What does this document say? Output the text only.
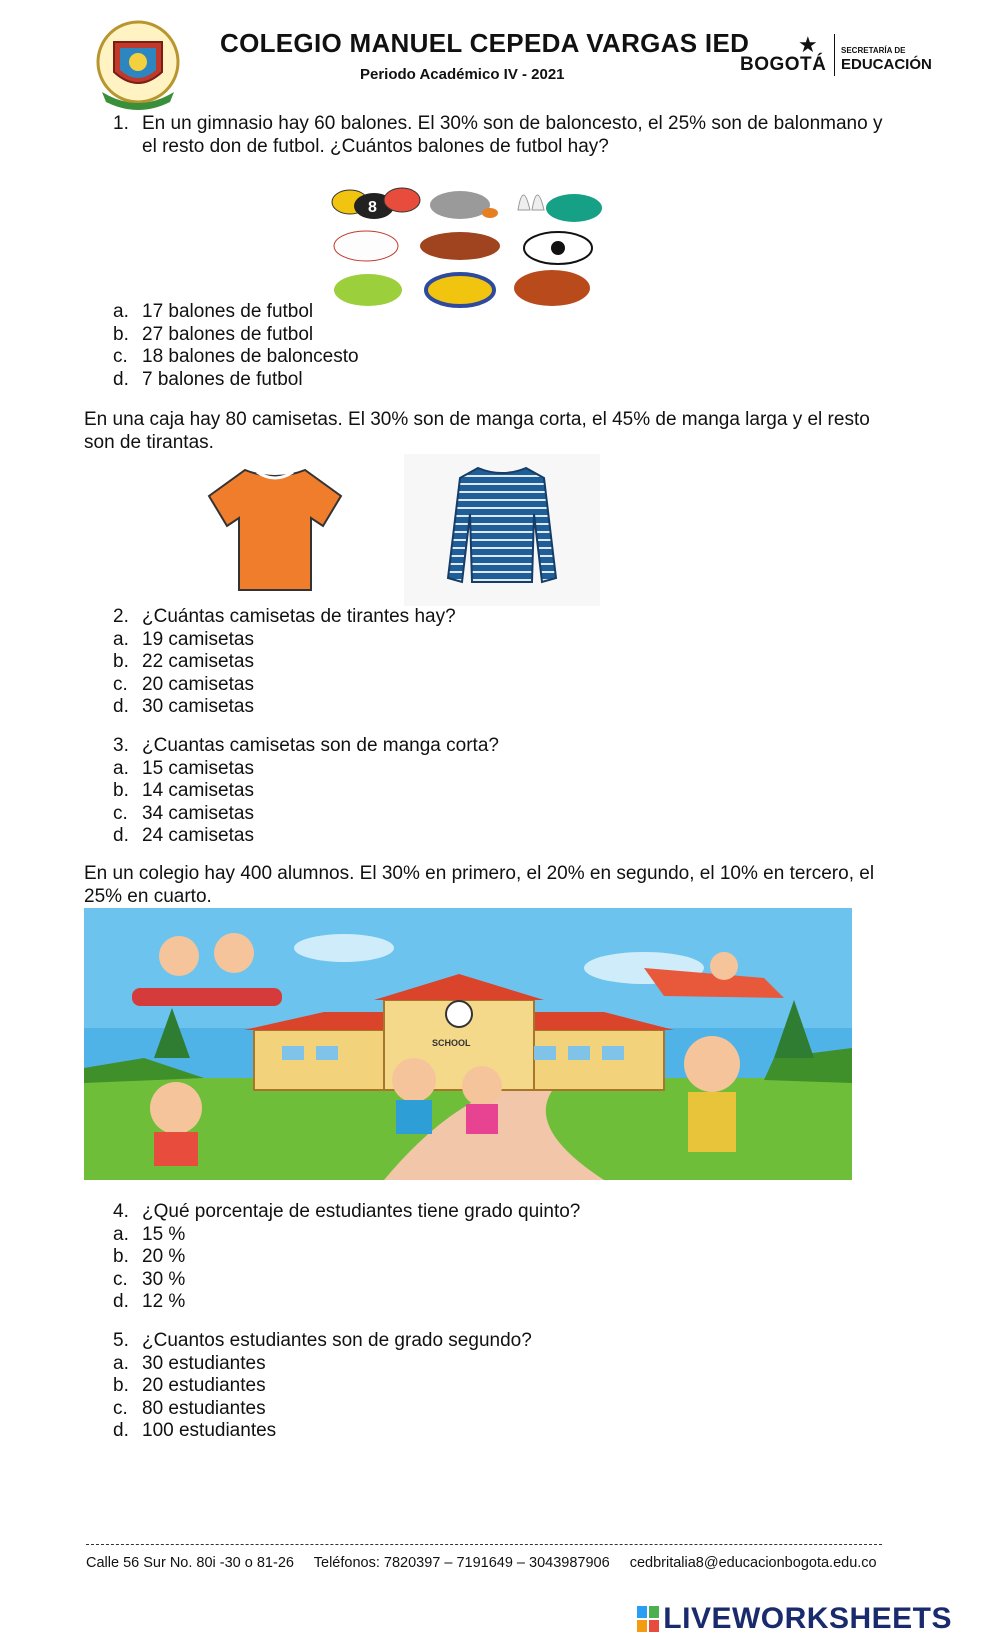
COLEGIO MANUEL CEPEDA VARGAS IED
Periodo Académico IV - 2021	BOGOTÁ
★	SECRETARÍA DE
EDUCACIÓN
1. En un gimnasio hay 60 balones. El 30% son de baloncesto, el 25% son de balonmano y
el resto don de futbol. ¿Cuántos balones de futbol hay?
8
a. 17 balones de futbol
b. 27 balones de futbol
c. 18 balones de baloncesto
d. 7 balones de futbol
En una caja hay 80 camisetas. El 30% son de manga corta, el 45% de manga larga y el resto
son de tirantas.
2. ¿Cuántas camisetas de tirantes hay?
a. 19 camisetas
b. 22 camisetas
c. 20 camisetas
d. 30 camisetas
3. ¿Cuantas camisetas son de manga corta?
a. 15 camisetas
b. 14 camisetas
c. 34 camisetas
d. 24 camisetas
En un colegio hay 400 alumnos. El 30% en primero, el 20% en segundo, el 10% en tercero, el
25% en cuarto.
SCHOOL
4. ¿Qué porcentaje de estudiantes tiene grado quinto?
a. 15 %
b. 20 %
c. 30 %
d. 12 %
5. ¿Cuantos estudiantes son de grado segundo?
a. 30 estudiantes
b. 20 estudiantes
c. 80 estudiantes
d. 100 estudiantes
Calle 56 Sur No. 80i -30 o 81-26 Teléfonos: 7820397 – 7191649 – 3043987906 cedbritalia8@educacionbogota.edu.co
LIVEWORKSHEETS
